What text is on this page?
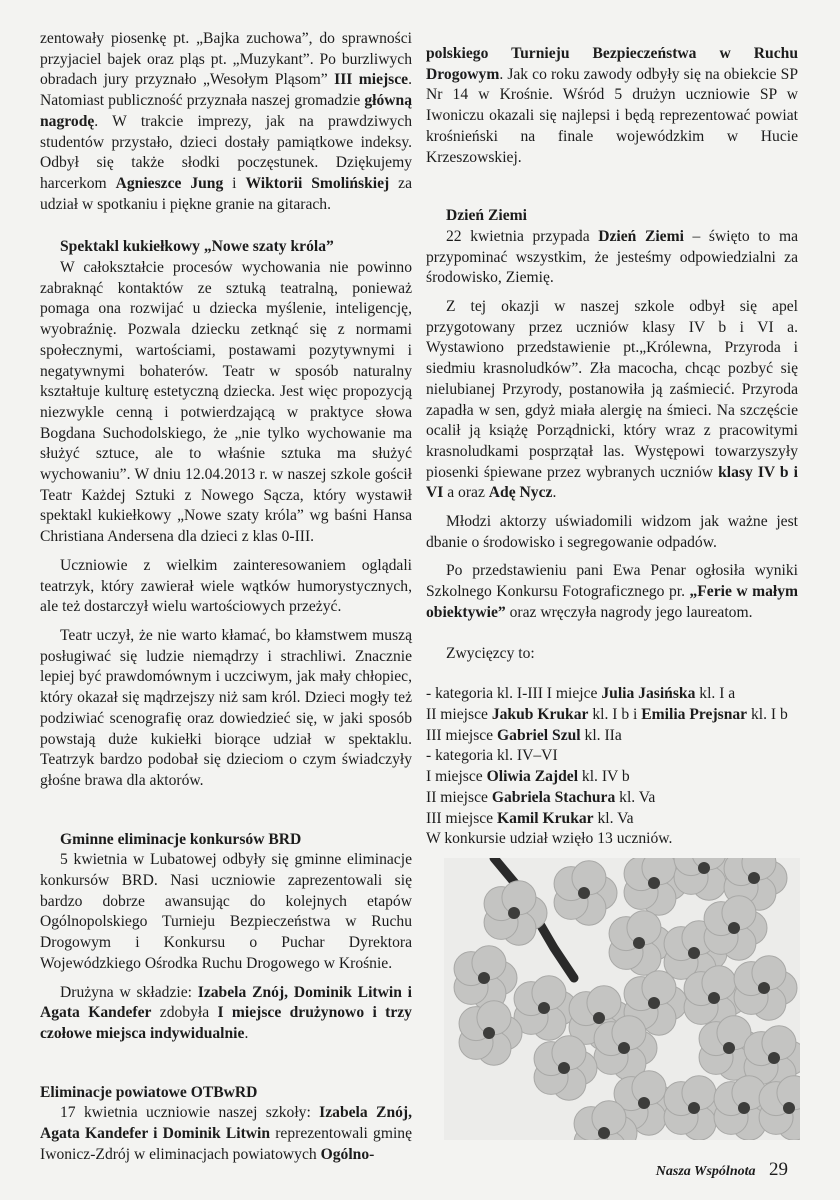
zentowały piosenkę pt. „Bajka zuchowa”, do sprawności przyjaciel bajek oraz pląs pt. „Muzykant”. Po burzliwych obradach jury przyznało „Wesołym Pląsom” III miejsce. Natomiast publiczność przyznała naszej gromadzie główną nagrodę. W trakcie imprezy, jak na prawdziwych studentów przystało, dzieci dostały pamiątkowe indeksy. Odbył się także słodki poczęstunek. Dziękujemy harcerkom Agnieszce Jung i Wiktorii Smolińskiej za udział w spotkaniu i piękne granie na gitarach.

Spektakl kukiełkowy „Nowe szaty króla”

W całokształcie procesów wychowania nie powinno zabraknąć kontaktów ze sztuką teatralną, ponieważ pomaga ona rozwijać u dziecka myślenie, inteligencję, wyobraźnię. Pozwala dziecku zetknąć się z normami społecznymi, wartościami, postawami pozytywnymi i negatywnymi bohaterów. Teatr w sposób naturalny kształtuje kulturę estetyczną dziecka. Jest więc propozycją niezwykle cenną i potwierdzającą w praktyce słowa Bogdana Suchodolskiego, że „nie tylko wychowanie ma służyć sztuce, ale to właśnie sztuka ma służyć wychowaniu”. W dniu 12.04.2013 r. w naszej szkole gościł Teatr Każdej Sztuki z Nowego Sącza, który wystawił spektakl kukiełkowy „Nowe szaty króla” wg baśni Hansa Christiana Andersena dla dzieci z klas 0-III.

Uczniowie z wielkim zainteresowaniem oglądali teatrzyk, który zawierał wiele wątków humorystycznych, ale też dostarczył wielu wartościowych przeżyć.

Teatr uczył, że nie warto kłamać, bo kłamstwem muszą posługiwać się ludzie niemądrzy i strachliwi. Znacznie lepiej być prawdomównym i uczciwym, jak mały chłopiec, który okazał się mądrzejszy niż sam król. Dzieci mogły też podziwiać scenografię oraz dowiedzieć się, w jaki sposób powstają duże kukiełki biorące udział w spektaklu. Teatrzyk bardzo podobał się dzieciom o czym świadczyły głośne brawa dla aktorów.

Gminne eliminacje konkursów BRD

5 kwietnia w Lubatowej odbyły się gminne eliminacje konkursów BRD. Nasi uczniowie zaprezentowali się bardzo dobrze awansując do kolejnych etapów Ogólnopolskiego Turnieju Bezpieczeństwa w Ruchu Drogowym i Konkursu o Puchar Dyrektora Wojewódzkiego Ośrodka Ruchu Drogowego w Krośnie.

Drużyna w składzie: Izabela Znój, Dominik Litwin i Agata Kandefer zdobyła I miejsce drużynowo i trzy czołowe miejsca indywidualnie.

Eliminacje powiatowe OTBwRD

17 kwietnia uczniowie naszej szkoły: Izabela Znój, Agata Kandefer i Dominik Litwin reprezentowali gminę Iwonicz-Zdrój w eliminacjach powiatowych Ogólno-

polskiego Turnieju Bezpieczeństwa w Ruchu Drogowym. Jak co roku zawody odbyły się na obiekcie SP Nr 14 w Krośnie. Wśród 5 drużyn uczniowie SP w Iwoniczu okazali się najlepsi i będą reprezentować powiat krośnieński na finale wojewódzkim w Hucie Krzeszowskiej.

Dzień Ziemi

22 kwietnia przypada Dzień Ziemi – święto to ma przypominać wszystkim, że jesteśmy odpowiedzialni za środowisko, Ziemię.

Z tej okazji w naszej szkole odbył się apel przygotowany przez uczniów klasy IV b i VI a. Wystawiono przedstawienie pt.„Królewna, Przyroda i siedmiu krasnoludków”. Zła macocha, chcąc pozbyć się nielubianej Przyrody, postanowiła ją zaśmiecić. Przyroda zapadła w sen, gdyż miała alergię na śmieci. Na szczęście ocalił ją książę Porządnicki, który wraz z pracowitymi krasnoludkami posprzątał las. Występowi towarzyszyły piosenki śpiewane przez wybranych uczniów klasy IV b i VI a oraz Adę Nycz.

Młodzi aktorzy uświadomili widzom jak ważne jest dbanie o środowisko i segregowanie odpadów.

Po przedstawieniu pani Ewa Penar ogłosiła wyniki Szkolnego Konkursu Fotograficznego pr. „Ferie w małym obiektywie” oraz wręczyła nagrody jego laureatom.

Zwycięzcy to:

- kategoria kl. I-III I miejce Julia Jasińska kl. I a

II miejsce Jakub Krukar kl. I b i Emilia Prejsnar kl. I b

III miejsce Gabriel Szul kl. IIa

- kategoria kl. IV–VI

I miejsce Oliwia Zajdel kl. IV b

II miejsce Gabriela Stachura kl. Va

III miejsce Kamil Krukar kl. Va

W konkursie udział wzięło 13 uczniów.

Nasza Wspólnota 29
